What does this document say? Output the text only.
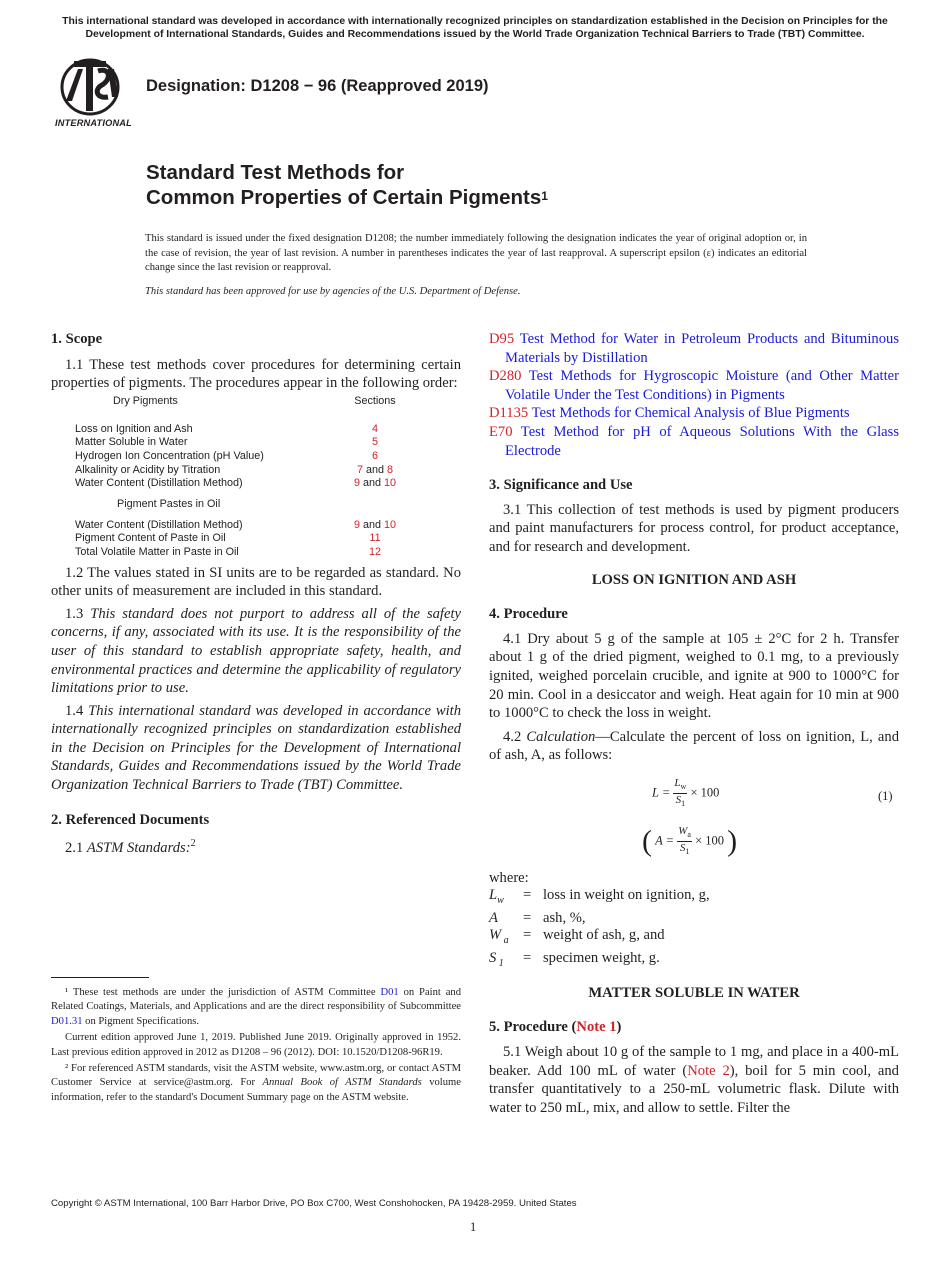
This international standard was developed in accordance with internationally recognized principles on standardization established in the Decision on Principles for the Development of International Standards, Guides and Recommendations issued by the World Trade Organization Technical Barriers to Trade (TBT) Committee.
INTERNATIONAL
Designation: D1208 − 96 (Reapproved 2019)
Standard Test Methods for
Common Properties of Certain Pigments$^1$
This standard is issued under the fixed designation D1208; the number immediately following the designation indicates the year of original adoption or, in the case of revision, the year of last revision. A number in parentheses indicates the year of last reapproval. A superscript epsilon (ε) indicates an editorial change since the last revision or reapproval.
This standard has been approved for use by agencies of the U.S. Department of Defense.
1. Scope

1.1 These test methods cover procedures for determining certain properties of pigments. The procedures appear in the following order:

Dry Pigments	Sections
Loss on Ignition and Ash	4
Matter Soluble in Water	5
Hydrogen Ion Concentration (pH Value)	6
Alkalinity or Acidity by Titration	7 and 8
Water Content (Distillation Method)	9 and 10
Pigment Pastes in Oil	
Water Content (Distillation Method)	9 and 10
Pigment Content of Paste in Oil	11
Total Volatile Matter in Paste in Oil	12

1.2 The values stated in SI units are to be regarded as standard. No other units of measurement are included in this standard.

1.3 This standard does not purport to address all of the safety concerns, if any, associated with its use. It is the responsibility of the user of this standard to establish appropriate safety, health, and environmental practices and determine the applicability of regulatory limitations prior to use.

1.4 This international standard was developed in accordance with internationally recognized principles on standardization established in the Decision on Principles for the Development of International Standards, Guides and Recommendations issued by the World Trade Organization Technical Barriers to Trade (TBT) Committee.

2. Referenced Documents

2.1 ASTM Standards:$^2$

¹ These test methods are under the jurisdiction of ASTM Committee D01 on Paint and Related Coatings, Materials, and Applications and are the direct responsibility of Subcommittee D01.31 on Pigment Specifications.

Current edition approved June 1, 2019. Published June 2019. Originally approved in 1952. Last previous edition approved in 2012 as D1208 – 96 (2012). DOI: 10.1520/D1208-96R19.

² For referenced ASTM standards, visit the ASTM website, www.astm.org, or contact ASTM Customer Service at service@astm.org. For Annual Book of ASTM Standards volume information, refer to the standard's Document Summary page on the ASTM website.

D95 Test Method for Water in Petroleum Products and Bituminous Materials by Distillation
D280 Test Methods for Hygroscopic Moisture (and Other Matter Volatile Under the Test Conditions) in Pigments
D1135 Test Methods for Chemical Analysis of Blue Pigments
E70 Test Method for pH of Aqueous Solutions With the Glass Electrode
3. Significance and Use

3.1 This collection of test methods is used by pigment producers and paint manufacturers for process control, for product acceptance, and for research and development.

LOSS ON IGNITION AND ASH
4. Procedure

4.1 Dry about 5 g of the sample at 105 ± 2°C for 2 h. Transfer about 1 g of the dried pigment, weighed to 0.1 mg, to a previously ignited, weighed porcelain crucible, and ignite at 900 to 1000°C for 20 min. Cool in a desiccator and weigh. Heat again for 10 min at 900 to 1000°C to check the loss in weight.

4.2 Calculation—Calculate the percent of loss on ignition, L, and of ash, A, as follows:

$L = \frac{L_w}{S_1} \times 100$	(1)
( $A = \frac{W_a}{S_1} \times 100$ )
where:
$L_w$	= loss in weight on ignition, g,
A	= ash, %,
W $_a$ = weight of ash, g, and
S $_1$	= specimen weight, g.
MATTER SOLUBLE IN WATER
5. Procedure (Note 1)

5.1 Weigh about 10 g of the sample to 1 mg, and place in a 400-mL beaker. Add 100 mL of water (Note 2), boil for 5 min cool, and transfer quantitatively to a 250-mL volumetric flask. Dilute with water to 250 mL, mix, and allow to settle. Filter the

Copyright © ASTM International, 100 Barr Harbor Drive, PO Box C700, West Conshohocken, PA 19428-2959. United States
1
